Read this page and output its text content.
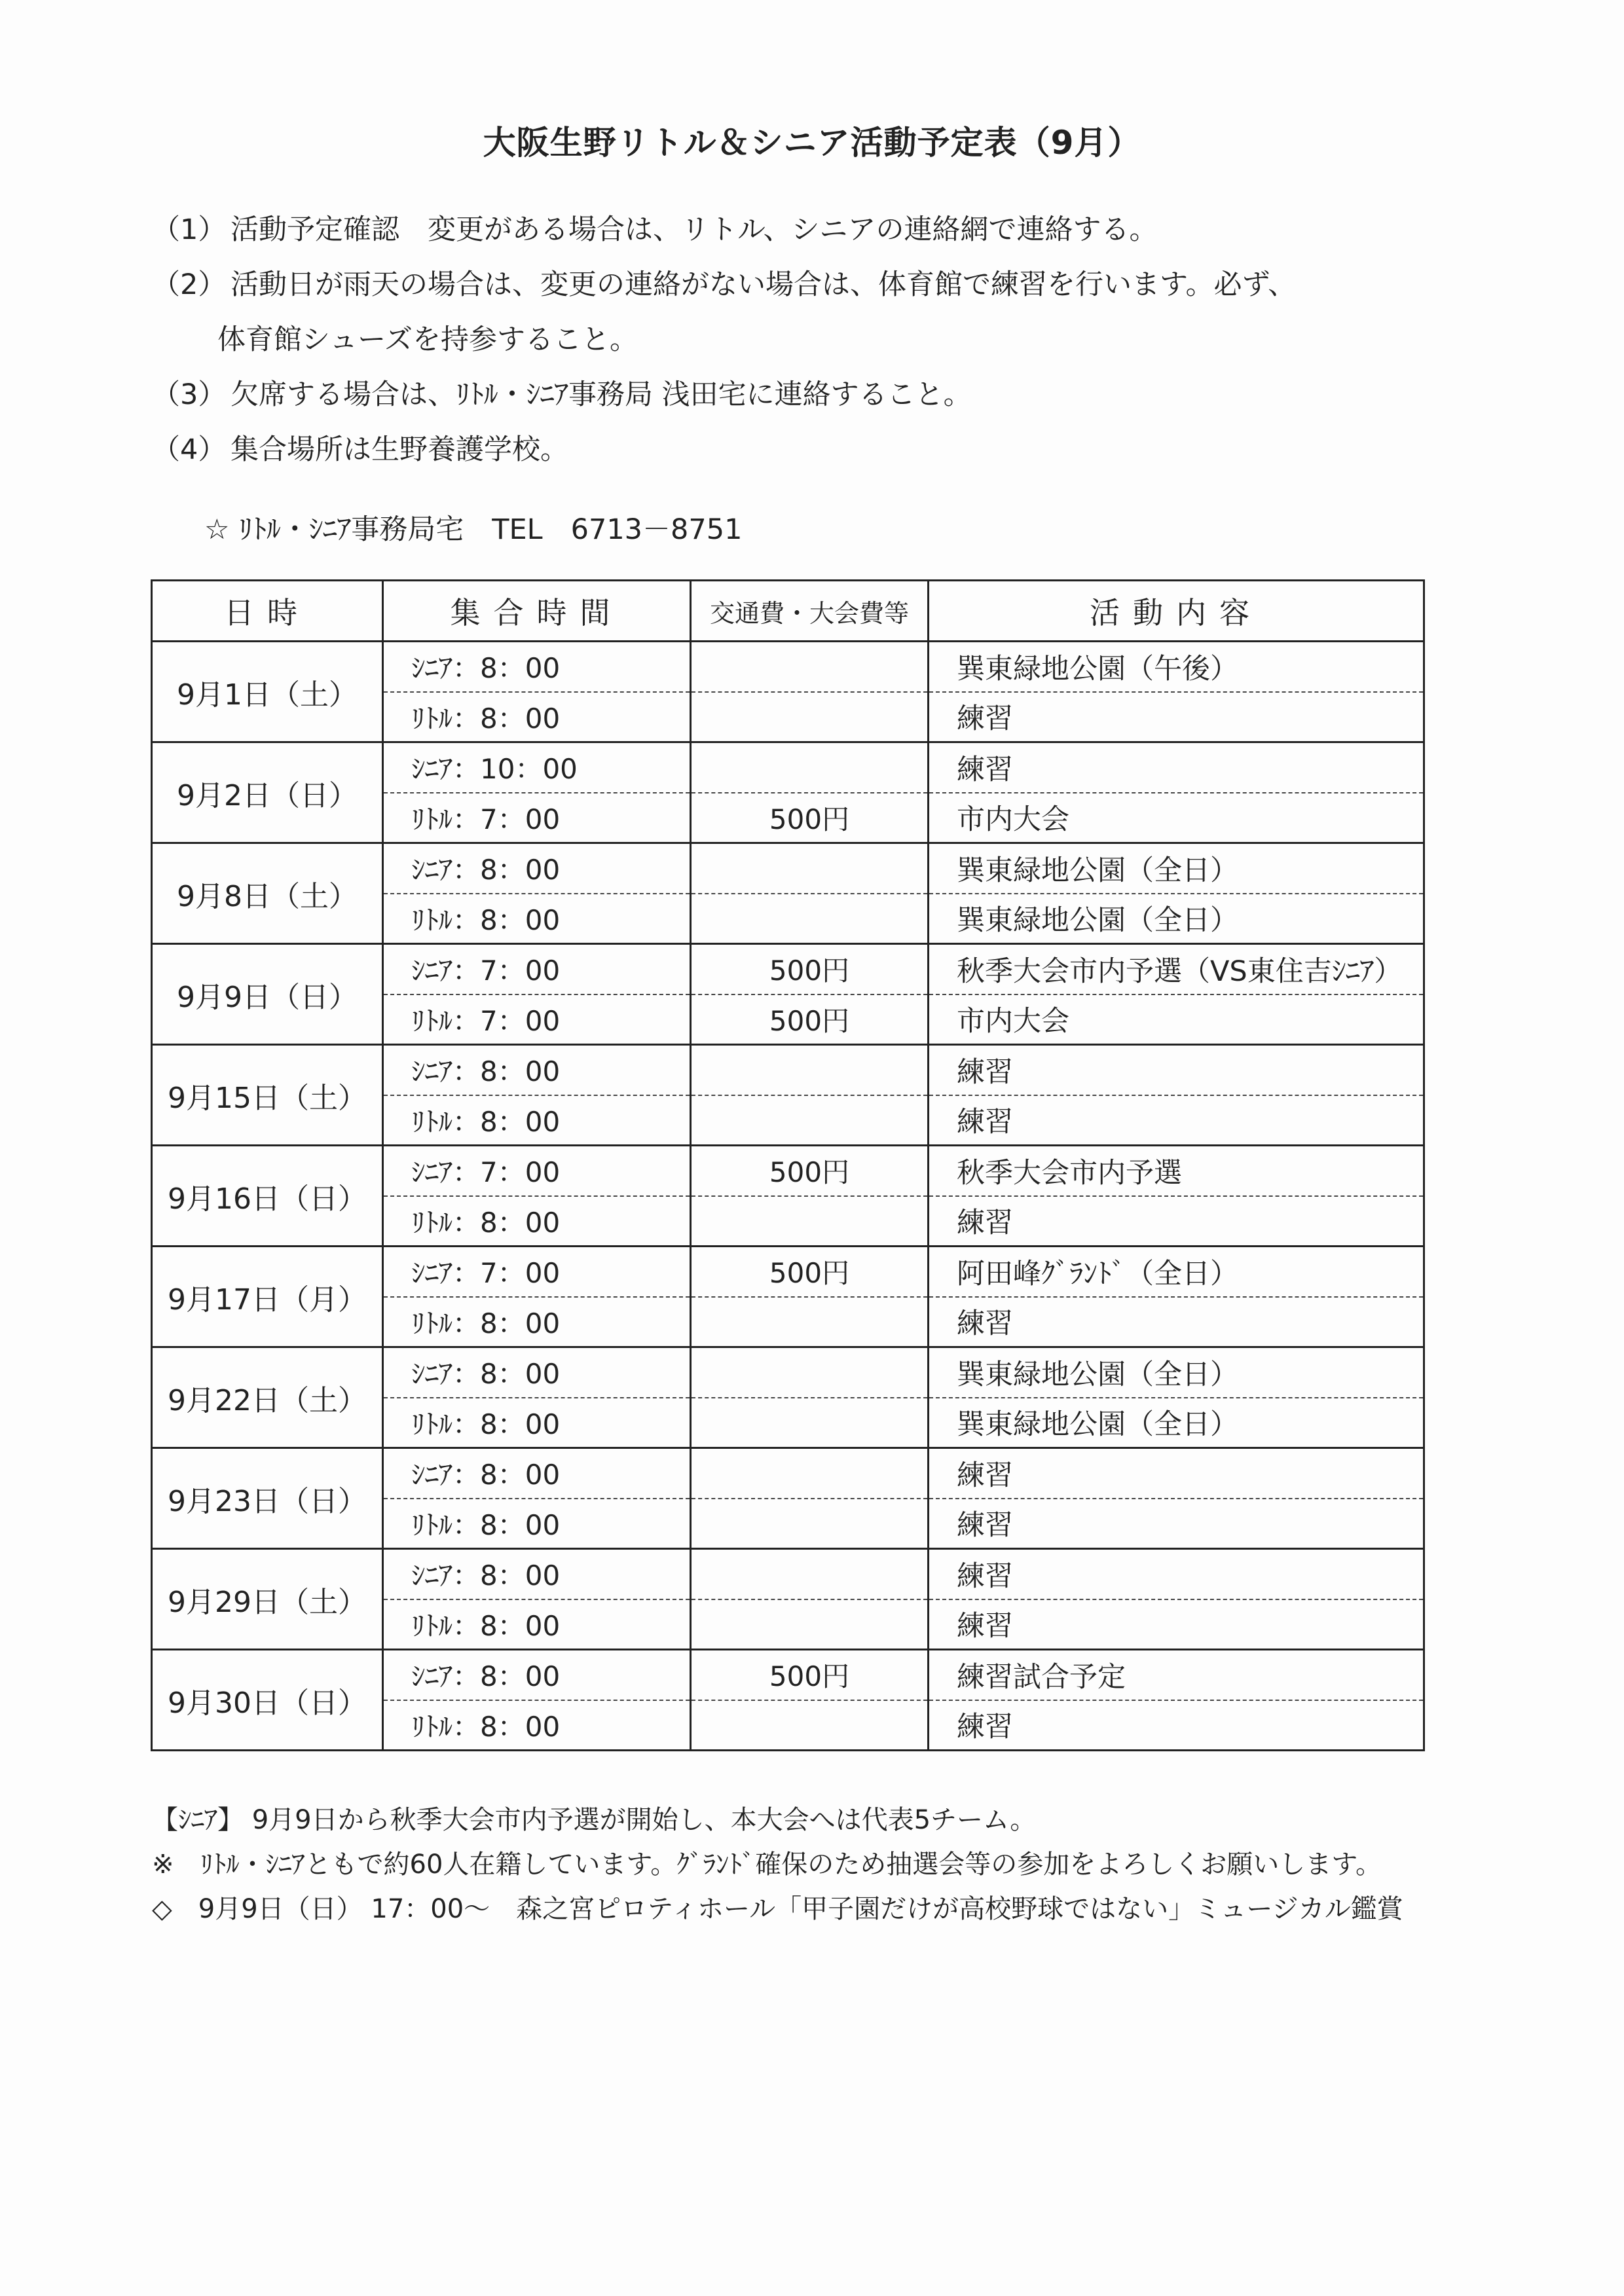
大阪生野リトル＆シニア活動予定表（9月）
（1） 活動予定確認　変更がある場合は、リトル、シニアの連絡網で連絡する。
（2） 活動日が雨天の場合は、変更の連絡がない場合は、体育館で練習を行います。必ず、
体育館シューズを持参すること。
（3） 欠席する場合は、ﾘﾄﾙ・ｼﾆｱ事務局 浅田宅に連絡すること。
（4） 集合場所は生野養護学校。
☆ ﾘﾄﾙ・ｼﾆｱ事務局宅　TEL　6713－8751
日時	集合時間	交通費・大会費等	活動内容
9月1日（土）	ｼﾆｱ：8：00		巽東緑地公園（午後）
	ﾘﾄﾙ：8：00		練習
9月2日（日）	ｼﾆｱ：10：00		練習
	ﾘﾄﾙ：7：00	500円	市内大会
9月8日（土）	ｼﾆｱ：8：00		巽東緑地公園（全日）
	ﾘﾄﾙ：8：00		巽東緑地公園（全日）
9月9日（日）	ｼﾆｱ：7：00	500円	秋季大会市内予選（VS東住吉ｼﾆｱ）
	ﾘﾄﾙ：7：00	500円	市内大会
9月15日（土）	ｼﾆｱ：8：00		練習
	ﾘﾄﾙ：8：00		練習
9月16日（日）	ｼﾆｱ：7：00	500円	秋季大会市内予選
	ﾘﾄﾙ：8：00		練習
9月17日（月）	ｼﾆｱ：7：00	500円	阿田峰ｸﾞﾗﾝﾄﾞ（全日）
	ﾘﾄﾙ：8：00		練習
9月22日（土）	ｼﾆｱ：8：00		巽東緑地公園（全日）
	ﾘﾄﾙ：8：00		巽東緑地公園（全日）
9月23日（日）	ｼﾆｱ：8：00		練習
	ﾘﾄﾙ：8：00		練習
9月29日（土）	ｼﾆｱ：8：00		練習
	ﾘﾄﾙ：8：00		練習
9月30日（日）	ｼﾆｱ：8：00	500円	練習試合予定
	ﾘﾄﾙ：8：00		練習
【ｼﾆｱ】 9月9日から秋季大会市内予選が開始し、本大会へは代表5チーム。
※　ﾘﾄﾙ・ｼﾆｱともで約60人在籍しています。ｸﾞﾗﾝﾄﾞ確保のため抽選会等の参加をよろしくお願いします。
◇　9月9日（日） 17：00～　森之宮ピロティホール「甲子園だけが高校野球ではない」ミュージカル鑑賞
